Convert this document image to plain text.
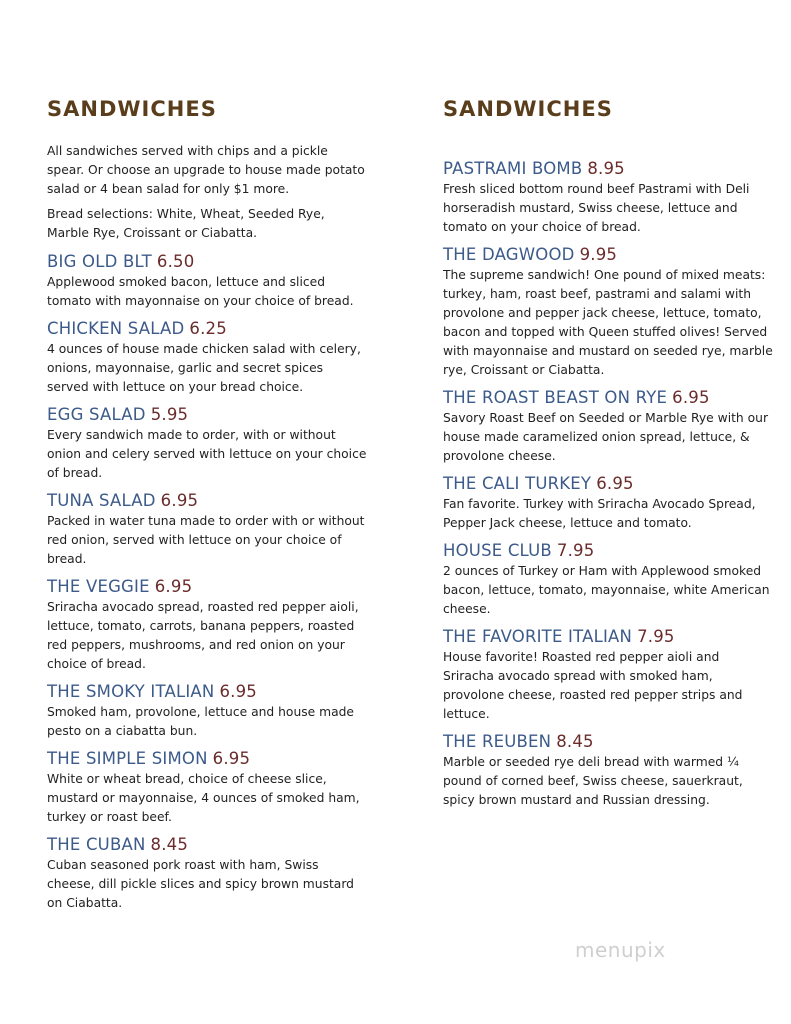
SANDWICHES

All sandwiches served with chips and a pickle spear. Or choose an upgrade to house made potato salad or 4 bean salad for only $1 more.

Bread selections: White, Wheat, Seeded Rye, Marble Rye, Croissant or Ciabatta.

BIG OLD BLT 6.50
Applewood smoked bacon, lettuce and sliced tomato with mayonnaise on your choice of bread.
CHICKEN SALAD 6.25
4 ounces of house made chicken salad with celery, onions, mayonnaise, garlic and secret spices served with lettuce on your bread choice.
EGG SALAD 5.95
Every sandwich made to order, with or without onion and celery served with lettuce on your choice of bread.
TUNA SALAD 6.95
Packed in water tuna made to order with or without red onion, served with lettuce on your choice of bread.
THE VEGGIE 6.95
Sriracha avocado spread, roasted red pepper aioli, lettuce, tomato, carrots, banana peppers, roasted red peppers, mushrooms, and red onion on your choice of bread.
THE SMOKY ITALIAN 6.95
Smoked ham, provolone, lettuce and house made pesto on a ciabatta bun.
THE SIMPLE SIMON 6.95
White or wheat bread, choice of cheese slice, mustard or mayonnaise, 4 ounces of smoked ham, turkey or roast beef.
THE CUBAN 8.45
Cuban seasoned pork roast with ham, Swiss cheese, dill pickle slices and spicy brown mustard on Ciabatta.
SANDWICHES
PASTRAMI BOMB 8.95
Fresh sliced bottom round beef Pastrami with Deli horseradish mustard, Swiss cheese, lettuce and tomato on your choice of bread.
THE DAGWOOD 9.95
The supreme sandwich! One pound of mixed meats: turkey, ham, roast beef, pastrami and salami with provolone and pepper jack cheese, lettuce, tomato, bacon and topped with Queen stuffed olives! Served with mayonnaise and mustard on seeded rye, marble rye, Croissant or Ciabatta.
THE ROAST BEAST ON RYE 6.95
Savory Roast Beef on Seeded or Marble Rye with our house made caramelized onion spread, lettuce, & provolone cheese.
THE CALI TURKEY 6.95
Fan favorite. Turkey with Sriracha Avocado Spread, Pepper Jack cheese, lettuce and tomato.
HOUSE CLUB 7.95
2 ounces of Turkey or Ham with Applewood smoked bacon, lettuce, tomato, mayonnaise, white American cheese.
THE FAVORITE ITALIAN 7.95
House favorite! Roasted red pepper aioli and Sriracha avocado spread with smoked ham, provolone cheese, roasted red pepper strips and lettuce.
THE REUBEN 8.45
Marble or seeded rye deli bread with warmed ¼ pound of corned beef, Swiss cheese, sauerkraut, spicy brown mustard and Russian dressing.
menupix
